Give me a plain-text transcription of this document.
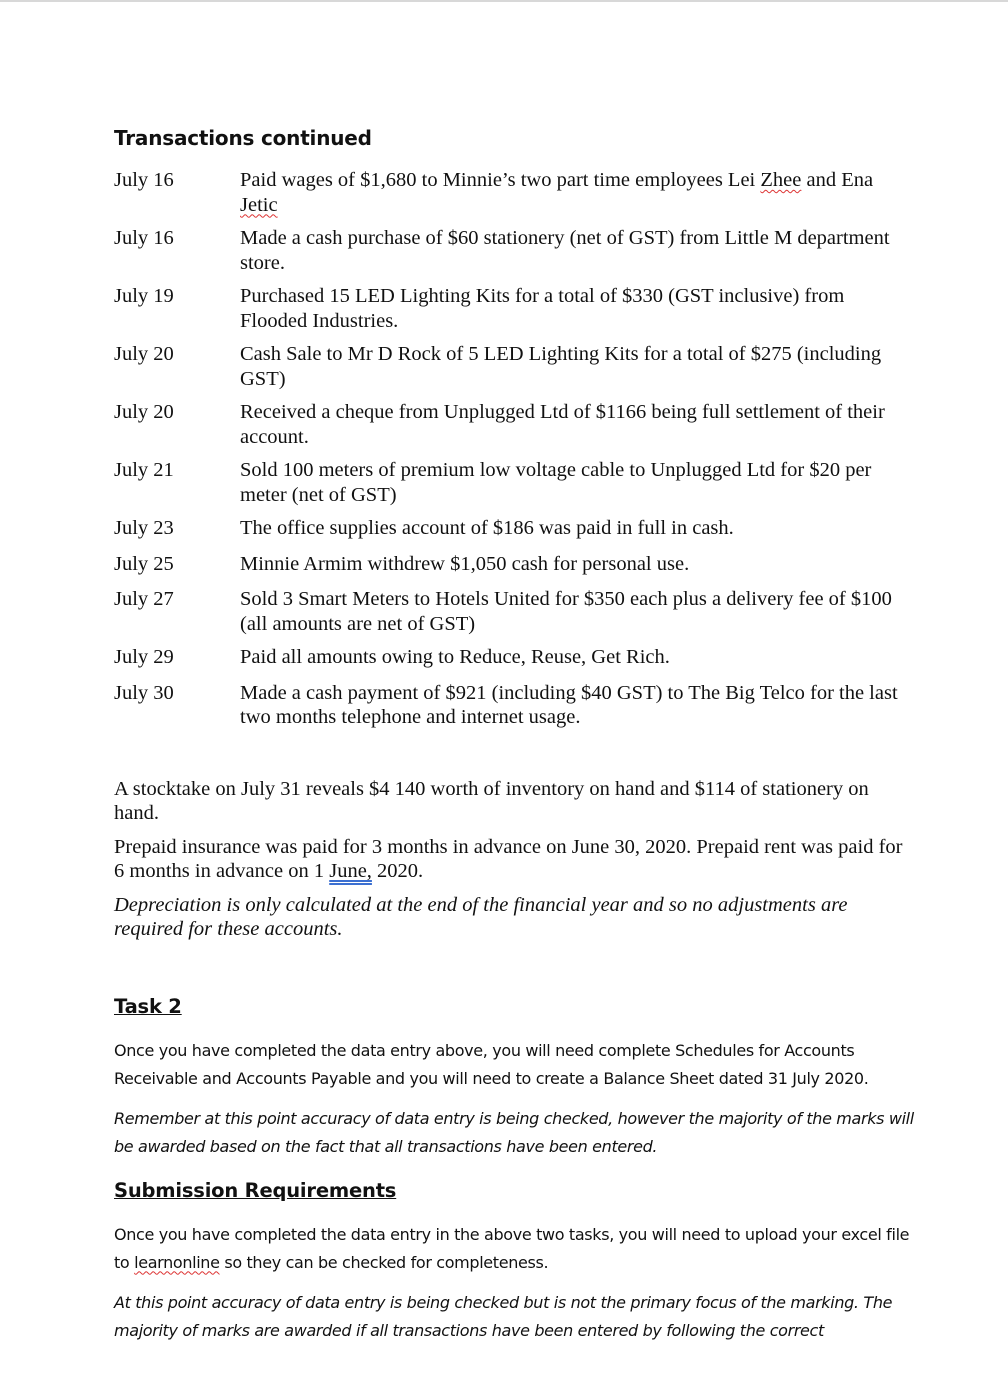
Transactions continued
July 16	Paid wages of $1,680 to Minnie’s two part time employees Lei Zhee and Ena Jetic
July 16	Made a cash purchase of $60 stationery (net of GST) from Little M department store.
July 19	Purchased 15 LED Lighting Kits for a total of $330 (GST inclusive) from Flooded Industries.
July 20	Cash Sale to Mr D Rock of 5 LED Lighting Kits for a total of $275 (including GST)
July 20	Received a cheque from Unplugged Ltd of $1166 being full settlement of their account.
July 21	Sold 100 meters of premium low voltage cable to Unplugged Ltd for $20 per meter (net of GST)
July 23	The office supplies account of $186 was paid in full in cash.
July 25	Minnie Armim withdrew $1,050 cash for personal use.
July 27	Sold 3 Smart Meters to Hotels United for $350 each plus a delivery fee of $100 (all amounts are net of GST)
July 29	Paid all amounts owing to Reduce, Reuse, Get Rich.
July 30	Made a cash payment of $921 (including $40 GST) to The Big Telco for the last two months telephone and internet usage.

A stocktake on July 31 reveals $4 140 worth of inventory on hand and $114 of stationery on hand.

Prepaid insurance was paid for 3 months in advance on June 30, 2020. Prepaid rent was paid for 6 months in advance on 1 June, 2020.

Depreciation is only calculated at the end of the financial year and so no adjustments are required for these accounts.

Task 2

Once you have completed the data entry above, you will need complete Schedules for Accounts Receivable and Accounts Payable and you will need to create a Balance Sheet dated 31 July 2020.

Remember at this point accuracy of data entry is being checked, however the majority of the marks will be awarded based on the fact that all transactions have been entered.

Submission Requirements

Once you have completed the data entry in the above two tasks, you will need to upload your excel file to learnonline so they can be checked for completeness.

At this point accuracy of data entry is being checked but is not the primary focus of the marking. The majority of marks are awarded if all transactions have been entered by following the correct
